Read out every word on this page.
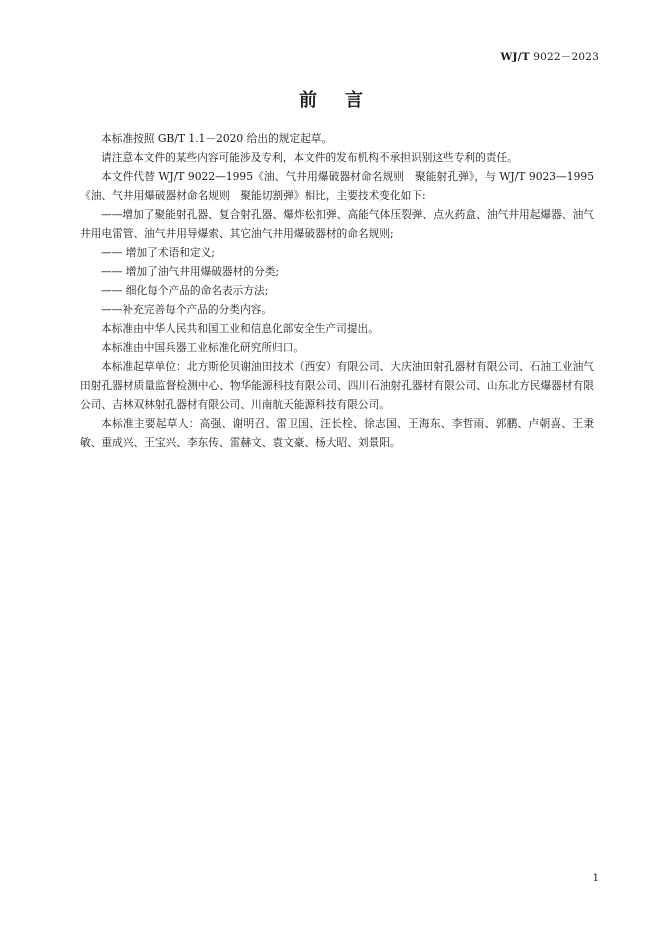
WJ/T 9022－2023
前言

本标准按照 GB/T 1.1－2020 给出的规定起草。

请注意本文件的某些内容可能涉及专利，本文件的发布机构不承担识别这些专利的责任。

本文件代替 WJ/T 9022—1995《油、气井用爆破器材命名规则　聚能射孔弹》，与 WJ/T 9023—1995《油、气井用爆破器材命名规则　聚能切割弹》相比，主要技术变化如下:

——增加了聚能射孔器、复合射孔器、爆炸松扣弹、高能气体压裂弹、点火药盒、油气井用起爆器、油气井用电雷管、油气井用导爆索、其它油气井用爆破器材的命名规则;

—— 增加了术语和定义;

—— 增加了油气井用爆破器材的分类;

—— 细化每个产品的命名表示方法;

——补充完善每个产品的分类内容。

本标准由中华人民共和国工业和信息化部安全生产司提出。

本标准由中国兵器工业标准化研究所归口。

本标准起草单位：北方斯伦贝谢油田技术（西安）有限公司、大庆油田射孔器材有限公司、石油工业油气田射孔器材质量监督检测中心、物华能源科技有限公司、四川石油射孔器材有限公司、山东北方民爆器材有限公司、吉林双林射孔器材有限公司、川南航天能源科技有限公司。

本标准主要起草人：高强、谢明召、雷卫国、汪长栓、徐志国、王海东、李哲雨、郭鹏、卢朝喜、王秉敏、重成兴、王宝兴、李东传、雷赫文、袁文豪、杨大昭、刘景阳。

1
